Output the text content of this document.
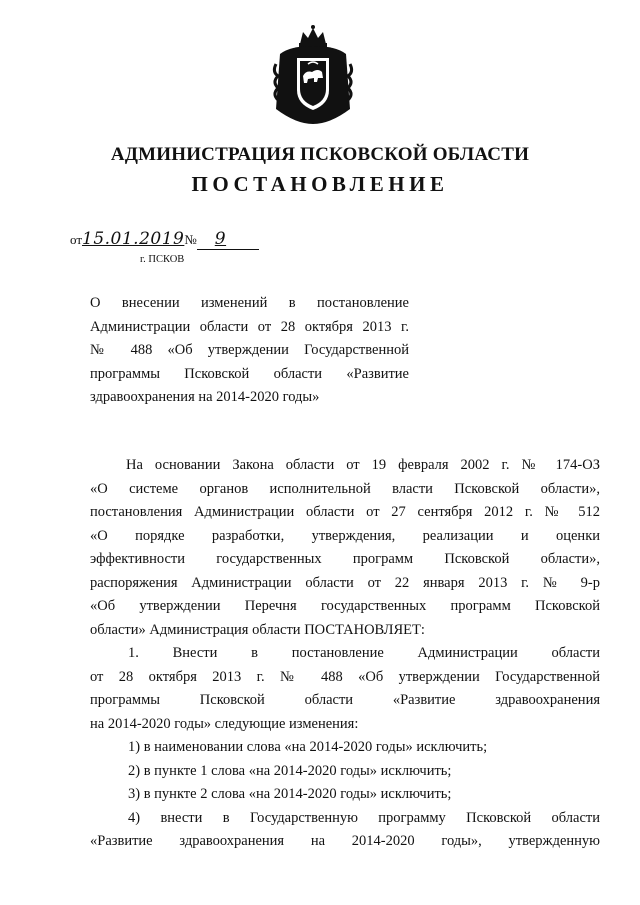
АДМИНИСТРАЦИЯ ПСКОВСКОЙ ОБЛАСТИ
ПОСТАНОВЛЕНИЕ
от15.01.2019№ 9
г. ПСКОВ
О внесении изменений в постановление
Администрации области от 28 октября 2013 г.
№ 488 «Об утверждении Государственной
программы Псковской области «Развитие
здравоохранения на 2014-2020 годы»
На основании Закона области от 19 февраля 2002 г. № 174-ОЗ
«О системе органов исполнительной власти Псковской области»,
постановления Администрации области от 27 сентября 2012 г. № 512
«О порядке разработки, утверждения, реализации и оценки
эффективности государственных программ Псковской области»,
распоряжения Администрации области от 22 января 2013 г. № 9-р
«Об утверждении Перечня государственных программ Псковской
области» Администрация области ПОСТАНОВЛЯЕТ:
1. Внести в постановление Администрации области
от 28 октября 2013 г. № 488 «Об утверждении Государственной
программы Псковской области «Развитие здравоохранения
на 2014-2020 годы» следующие изменения:
1) в наименовании слова «на 2014-2020 годы» исключить;
2) в пункте 1 слова «на 2014-2020 годы» исключить;
3) в пункте 2 слова «на 2014-2020 годы» исключить;
4) внести в Государственную программу Псковской области
«Развитие здравоохранения на 2014-2020 годы», утвержденную
